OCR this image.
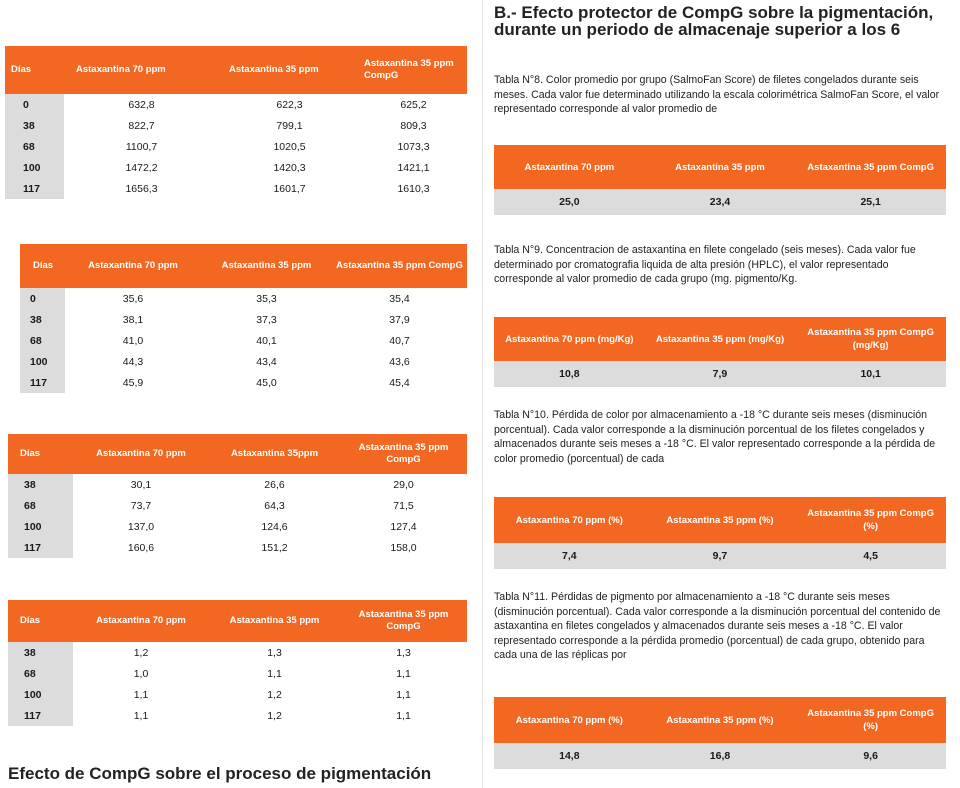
Días	Astaxantina 70 ppm	Astaxantina 35 ppm	Astaxantina 35 ppm CompG
0	632,8	622,3	625,2
38	822,7	799,1	809,3
68	1100,7	1020,5	1073,3
100	1472,2	1420,3	1421,1
117	1656,3	1601,7	1610,3
Días	Astaxantina 70 ppm	Astaxantina 35 ppm	Astaxantina 35 ppm CompG
0	35,6	35,3	35,4
38	38,1	37,3	37,9
68	41,0	40,1	40,7
100	44,3	43,4	43,6
117	45,9	45,0	45,4
Días	Astaxantina 70 ppm	Astaxantina 35ppm	Astaxantina 35 ppm CompG
38	30,1	26,6	29,0
68	73,7	64,3	71,5
100	137,0	124,6	127,4
117	160,6	151,2	158,0
Días	Astaxantina 70 ppm	Astaxantina 35 ppm	Astaxantina 35 ppm CompG
38	1,2	1,3	1,3
68	1,0	1,1	1,1
100	1,1	1,2	1,1
117	1,1	1,2	1,1
Efecto de CompG sobre el proceso de pigmentación
B.- Efecto protector de CompG sobre la pigmentación,
durante un periodo de almacenaje superior a los 6

Tabla N°8. Color promedio por grupo (SalmoFan Score) de filetes congelados durante seis meses. Cada valor fue determinado utilizando la escala colorimétrica SalmoFan Score, el valor representado corresponde al valor promedio de

Astaxantina 70 ppm	Astaxantina 35 ppm	Astaxantina 35 ppm CompG
25,0	23,4	25,1

Tabla N°9. Concentracion de astaxantina en filete congelado (seis meses). Cada valor fue determinado por cromatografia liquida de alta presión (HPLC), el valor representado corresponde al valor promedio de cada grupo (mg. pigmento/Kg.

Astaxantina 70 ppm (mg/Kg)	Astaxantina 35 ppm (mg/Kg)	Astaxantina 35 ppm CompG (mg/Kg)
10,8	7,9	10,1

Tabla N°10. Pérdida de color por almacenamiento a -18 °C durante seis meses (disminución porcentual). Cada valor corresponde a la disminución porcentual de los filetes congelados y almacenados durante seis meses a -18 °C. El valor representado corresponde a la pérdida de color promedio (porcentual) de cada

Astaxantina 70 ppm (%)	Astaxantina 35 ppm (%)	Astaxantina 35 ppm CompG (%)
7,4	9,7	4,5

Tabla N°11. Pérdidas de pigmento por almacenamiento a -18 °C durante seis meses (disminución porcentual). Cada valor corresponde a la disminución porcentual del contenido de astaxantina en filetes congelados y almacenados durante seis meses a -18 °C. El valor representado corresponde a la pérdida promedio (porcentual) de cada grupo, obtenido para cada una de las réplicas por

Astaxantina 70 ppm (%)	Astaxantina 35 ppm (%)	Astaxantina 35 ppm CompG (%)
14,8	16,8	9,6
